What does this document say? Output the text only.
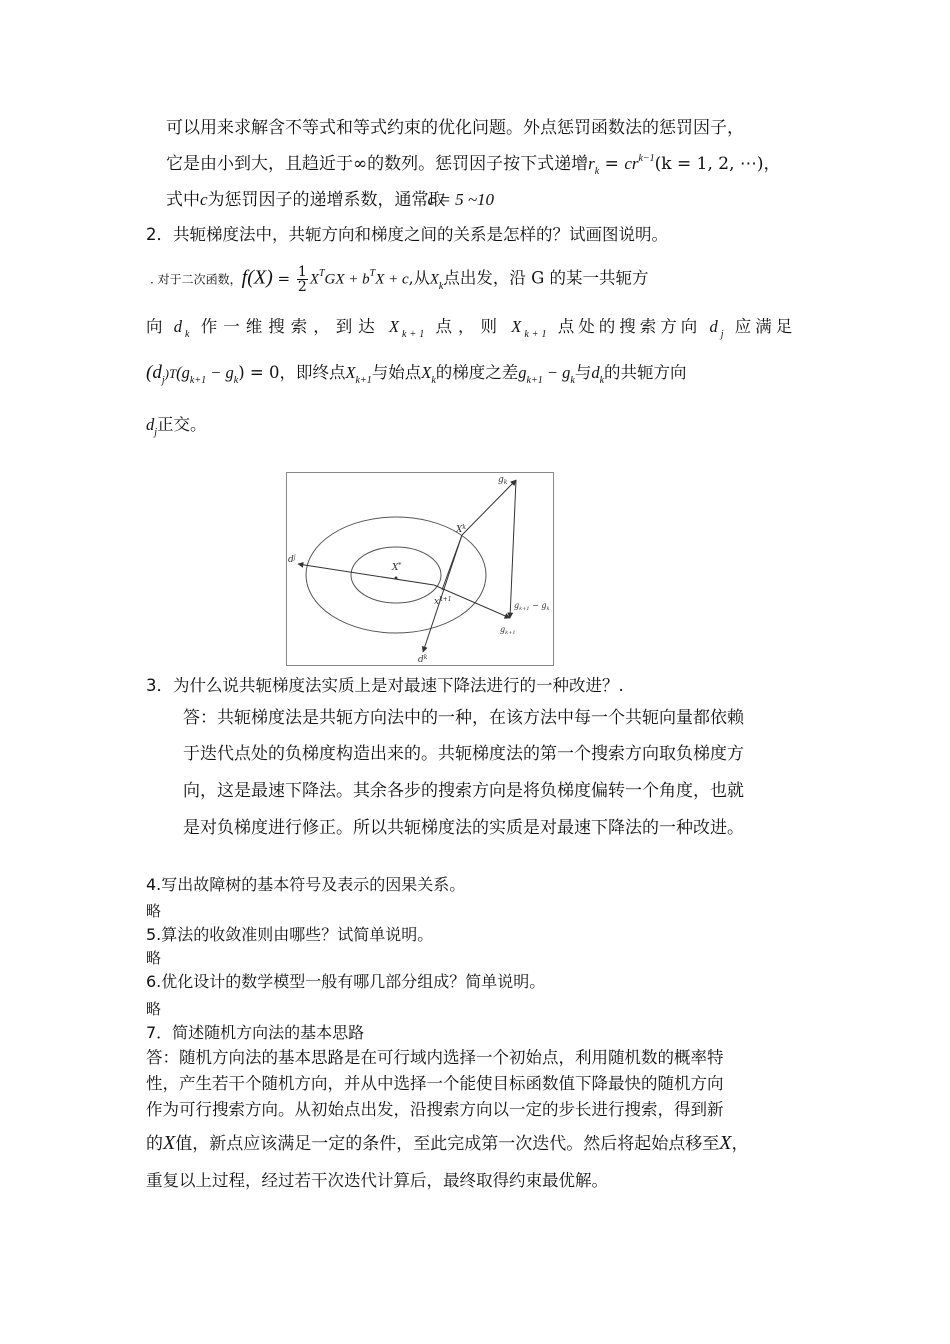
可以用来求解含不等式和等式约束的优化问题。外点惩罚函数法的惩罚因子，
它是由小到大，且趋近于∞的数列。惩罚因子按下式递增$r_k = cr^{k-1}(k = 1$, 2, ⋯)，
式中c为惩罚因子的递增系数，通常取c = 5 ~10
2．共轭梯度法中，共轭方向和梯度之间的关系是怎样的？试画图说明。
. 对于二次函数，$f(X) = \frac{1}{2} X^TGX + b^TX + c$,从$X_k$点出发，沿 G 的某一共轭方
向 $d_k$ 作一维搜索，到达 $X_{k+1}$ 点，则 $X_{k+1}$ 点处的搜索方向 $d_j$ 应满足
$(d_j)T(g_{k+1} - g_k) = 0$，即终点$X_{k+1}$与始点$X_k$的梯度之差$g_{k+1} - g_k$与$d_k$的共轭方向
$d_j$正交。
$g_k$
$X^k$
X*
$d^j$
$x^{k+1}$
$g_{k+1} - g_k$
$g_{k+1}$
$d^k$
3．为什么说共轭梯度法实质上是对最速下降法进行的一种改进？.
答：共轭梯度法是共轭方向法中的一种，在该方法中每一个共轭向量都依赖
于迭代点处的负梯度构造出来的。共轭梯度法的第一个搜索方向取负梯度方
向，这是最速下降法。其余各步的搜索方向是将负梯度偏转一个角度，也就
是对负梯度进行修正。所以共轭梯度法的实质是对最速下降法的一种改进。
4.写出故障树的基本符号及表示的因果关系。
略
5.算法的收敛准则由哪些？试简单说明。
略
6.优化设计的数学模型一般有哪几部分组成？简单说明。
略
7．简述随机方向法的基本思路
答：随机方向法的基本思路是在可行域内选择一个初始点，利用随机数的概率特
性，产生若干个随机方向，并从中选择一个能使目标函数值下降最快的随机方向
作为可行搜索方向。从初始点出发，沿搜索方向以一定的步长进行搜索，得到新
的X值，新点应该满足一定的条件，至此完成第一次迭代。然后将起始点移至X，
重复以上过程，经过若干次迭代计算后，最终取得约束最优解。
